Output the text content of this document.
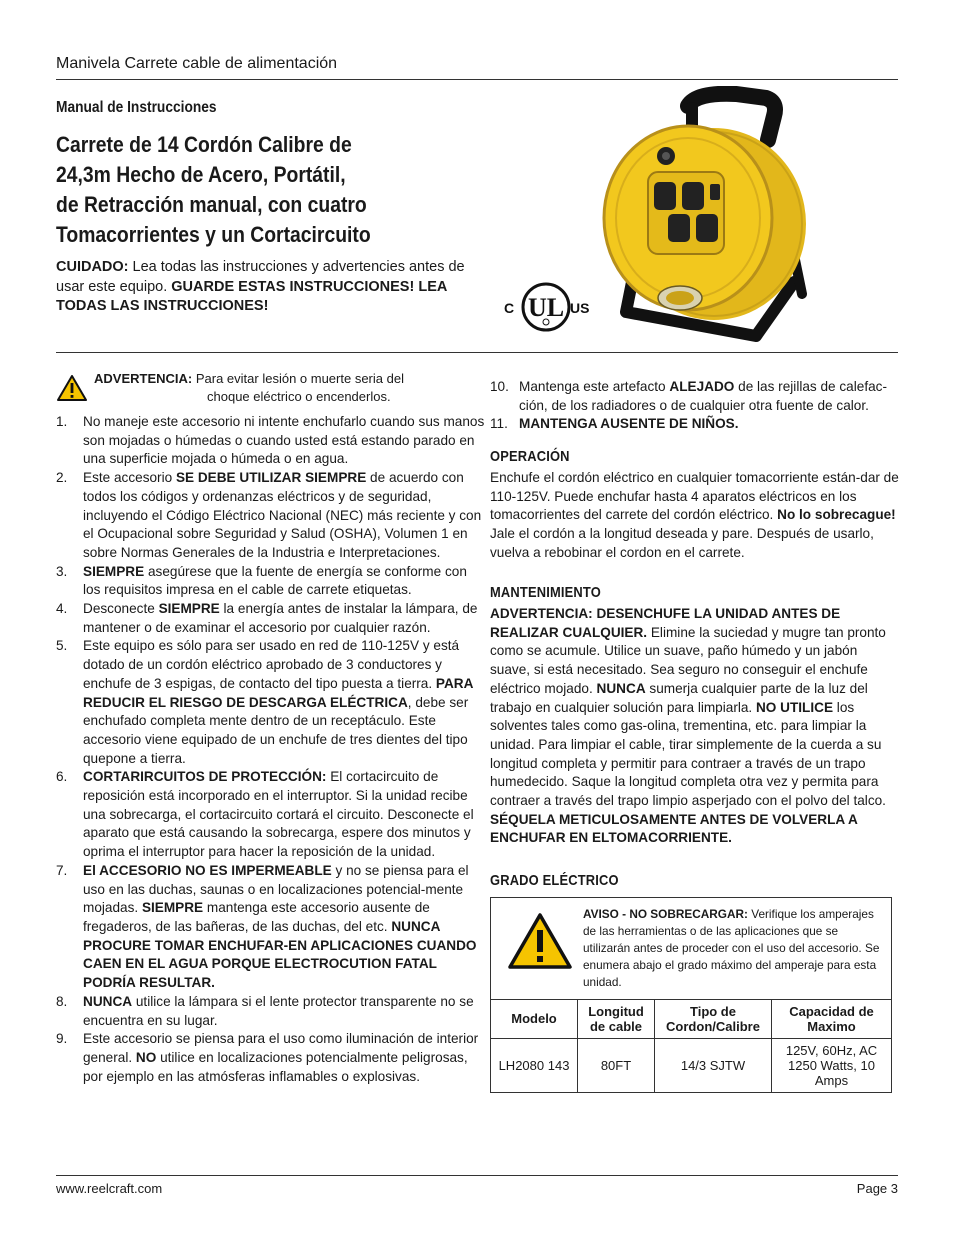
Manivela Carrete cable de alimentación
Manual de Instrucciones
Carrete de 14 Cordón Calibre de
24,3m Hecho de Acero, Portátil,
de Retracción manual, con cuatro
Tomacorrientes y un Cortacircuito
CUIDADO: Lea todas las instrucciones y advertencies antes de usar este equipo. GUARDE ESTAS INSTRUCCIONES! LEA TODAS LAS INSTRUCCIONES!	UL
C	US
ADVERTENCIA: Para evitar lesión o muerte seria del
choque eléctrico o encenderlos.
1. No maneje este accesorio ni intente enchufarlo cuando sus manos son mojadas o húmedas o cuando usted está estando parado en una superficie mojada o húmeda o en agua.
2. Este accesorio SE DEBE UTILIZAR SIEMPRE de acuerdo con todos los códigos y ordenanzas eléctricos y de seguridad, incluyendo el Código Eléctrico Nacional (NEC) más reciente y con el Ocupacional sobre Seguridad y Salud (OSHA), Volumen 1 en sobre Normas Generales de la Industria e Interpretaciones.
3. SIEMPRE asegúrese que la fuente de energía se conforme con los requisitos impresa en el cable de carrete etiquetas.
4. Desconecte SIEMPRE la energía antes de instalar la lámpara, de mantener o de examinar el accesorio por cualquier razón.
5. Este equipo es sólo para ser usado en red de 110-125V y está dotado de un cordón eléctrico aprobado de 3 conductores y enchufe de 3 espigas, de contacto del tipo puesta a tierra. PARA REDUCIR EL RIESGO DE DESCARGA ELÉCTRICA, debe ser enchufado completa mente dentro de un receptáculo. Este accesorio viene equipado de un enchufe de tres dientes del tipo quepone a tierra.
6. CORTARIRCUITOS DE PROTECCIÓN: El cortacircuito de reposición está incorporado en el interruptor. Si la unidad recibe una sobrecarga, el cortacircuito cortará el circuito. Desconecte el aparato que está causando la sobrecarga, espere dos minutos y oprima el interruptor para hacer la reposición de la unidad.
7. El ACCESORIO NO ES IMPERMEABLE y no se piensa para el uso en las duchas, saunas o en localizaciones potencial-mente mojadas. SIEMPRE mantenga este accesorio ausente de fregaderos, de las bañeras, de las duchas, del etc. NUNCA PROCURE TOMAR ENCHUFAR-EN APLICACIONES CUANDO CAEN EN EL AGUA PORQUE ELECTROCUTION FATAL PODRÍA RESULTAR.
8. NUNCA utilice la lámpara si el lente protector transparente no se encuentra en su lugar.
9. Este accesorio se piensa para el uso como iluminación de interior general. NO utilice en localizaciones potencialmente peligrosas, por ejemplo en las atmósferas inflamables o explosivas.
10. Mantenga este artefacto ALEJADO de las rejillas de calefac-ción, de los radiadores o de cualquier otra fuente de calor.
11. MANTENGA AUSENTE DE NIÑOS.
OPERACIÓN
Enchufe el cordón eléctrico en cualquier tomacorriente están-dar de 110-125V. Puede enchufar hasta 4 aparatos eléctricos en los tomacorrientes del carrete del cordón eléctrico. No lo sobrecague! Jale el cordón a la longitud deseada y pare. Después de usarlo, vuelva a rebobinar el cordon en el carrete.
MANTENIMIENTO
ADVERTENCIA: DESENCHUFE LA UNIDAD ANTES DE REALIZAR CUALQUIER. Elimine la suciedad y mugre tan pronto como se acumule. Utilice un suave, paño húmedo y un jabón suave, si está necesitado. Sea seguro no conseguir el enchufe eléctrico mojado. NUNCA sumerja cualquier parte de la luz del trabajo en cualquier solución para limpiarla. NO UTILICE los solventes tales como gas-olina, trementina, etc. para limpiar la unidad. Para limpiar el cable, tirar simplemente de la cuerda a su longitud completa y permitir para contraer a través de un trapo humedecido. Saque la longitud completa otra vez y permita para contraer a través del trapo limpio asperjado con el polvo del talco. SÉQUELA METICULOSAMENTE ANTES DE VOLVERLA A ENCHUFAR EN ELTOMACORRIENTE.
GRADO ELÉCTRICO
AVISO - NO SOBRECARGAR: Verifique los amperajes de las herramientas o de las aplicaciones que se utilizarán antes de proceder con el uso del accesorio. Se enumera abajo el grado máximo del amperaje para esta unidad.
Modelo	Longitud de cable	Tipo de Cordon/Calibre	Capacidad de Maximo
LH2080 143	80FT	14/3 SJTW	125V, 60Hz, AC
1250 Watts, 10 Amps
www.reelcraft.com	Page 3
